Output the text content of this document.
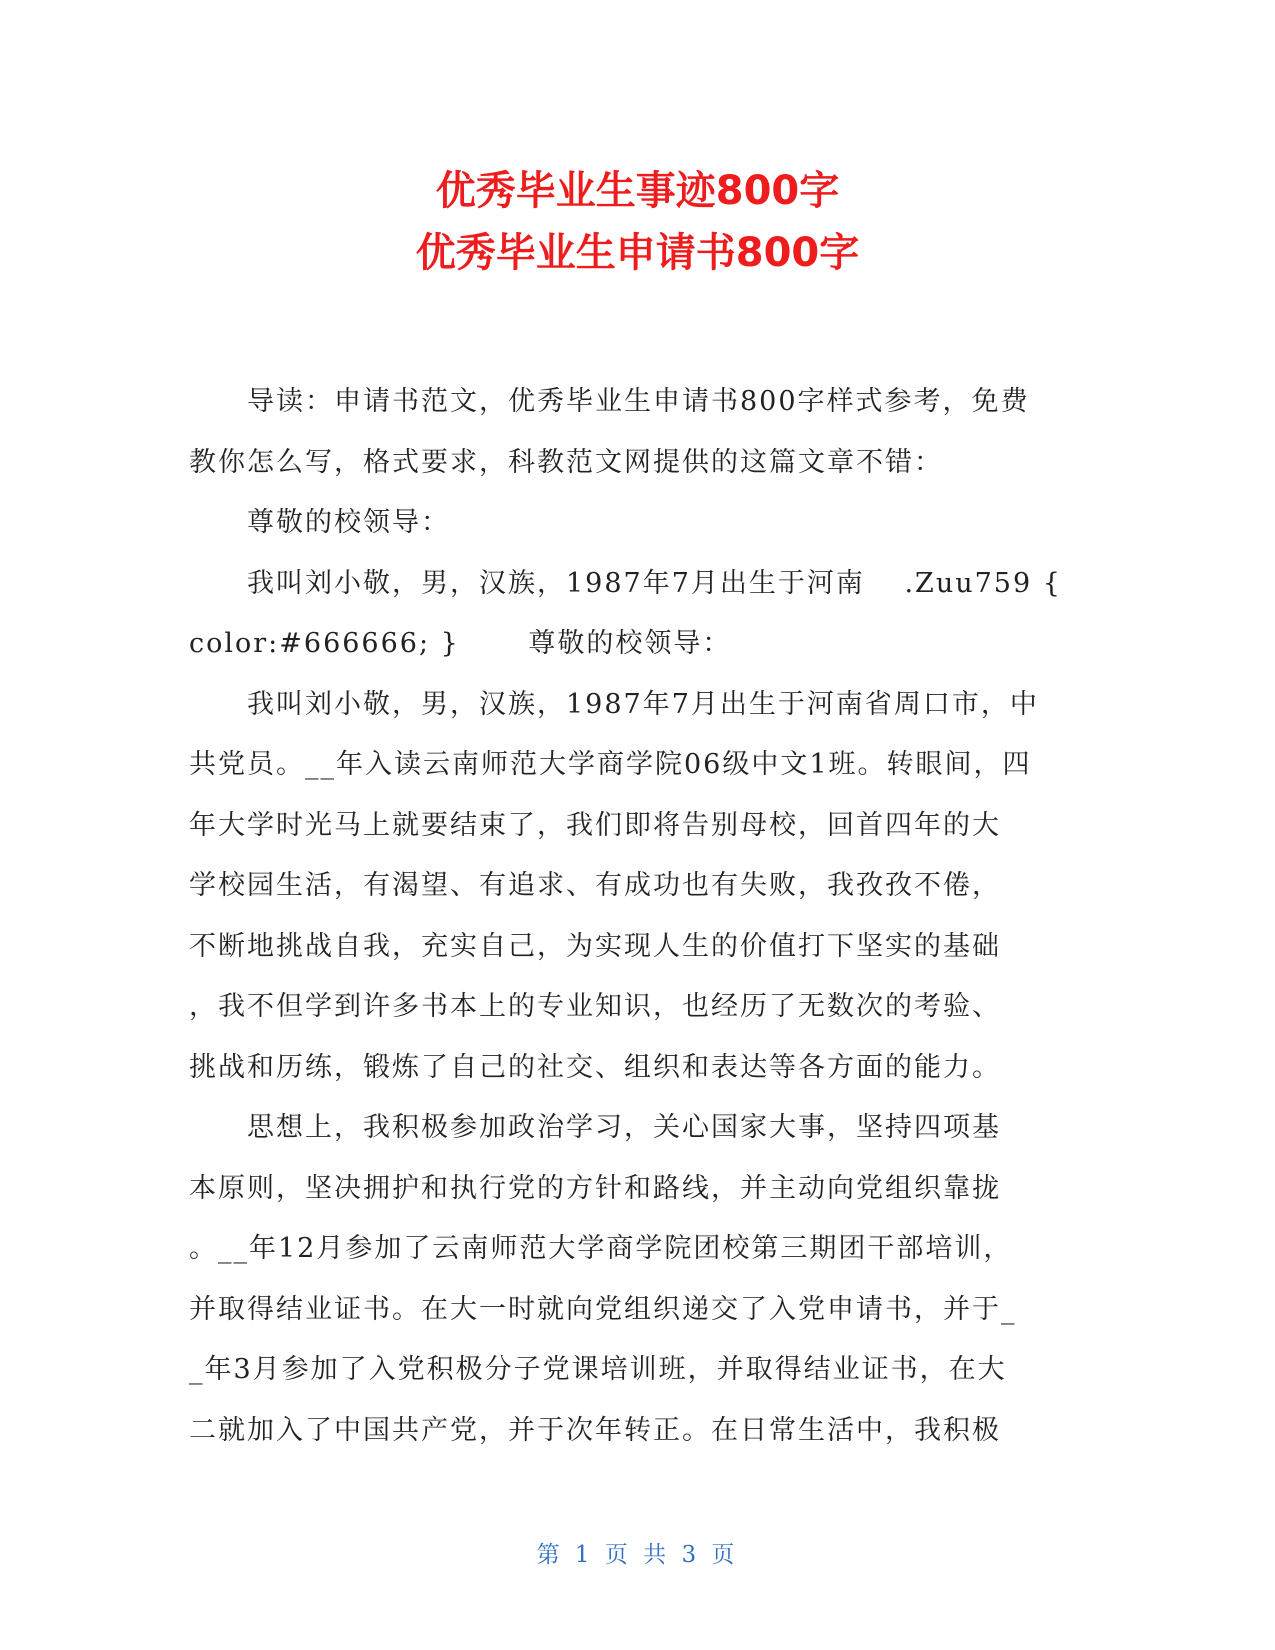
优秀毕业生事迹800字
优秀毕业生申请书800字
　　导读：申请书范文，优秀毕业生申请书800字样式参考，免费
教你怎么写，格式要求，科教范文网提供的这篇文章不错：
　　尊敬的校领导：
　　我叫刘小敬，男，汉族，1987年7月出生于河南　 .Zuu759 {
color:#666666; }　　 尊敬的校领导：
　　我叫刘小敬，男，汉族，1987年7月出生于河南省周口市，中
共党员。__年入读云南师范大学商学院06级中文1班。转眼间，四
年大学时光马上就要结束了，我们即将告别母校，回首四年的大
学校园生活，有渴望、有追求、有成功也有失败，我孜孜不倦，
不断地挑战自我，充实自己，为实现人生的价值打下坚实的基础
，我不但学到许多书本上的专业知识，也经历了无数次的考验、
挑战和历练，锻炼了自己的社交、组织和表达等各方面的能力。
　　思想上，我积极参加政治学习，关心国家大事，坚持四项基
本原则，坚决拥护和执行党的方针和路线，并主动向党组织靠拢
。__年12月参加了云南师范大学商学院团校第三期团干部培训，
并取得结业证书。在大一时就向党组织递交了入党申请书，并于_
_年3月参加了入党积极分子党课培训班，并取得结业证书，在大
二就加入了中国共产党，并于次年转正。在日常生活中，我积极
第 1 页 共 3 页
